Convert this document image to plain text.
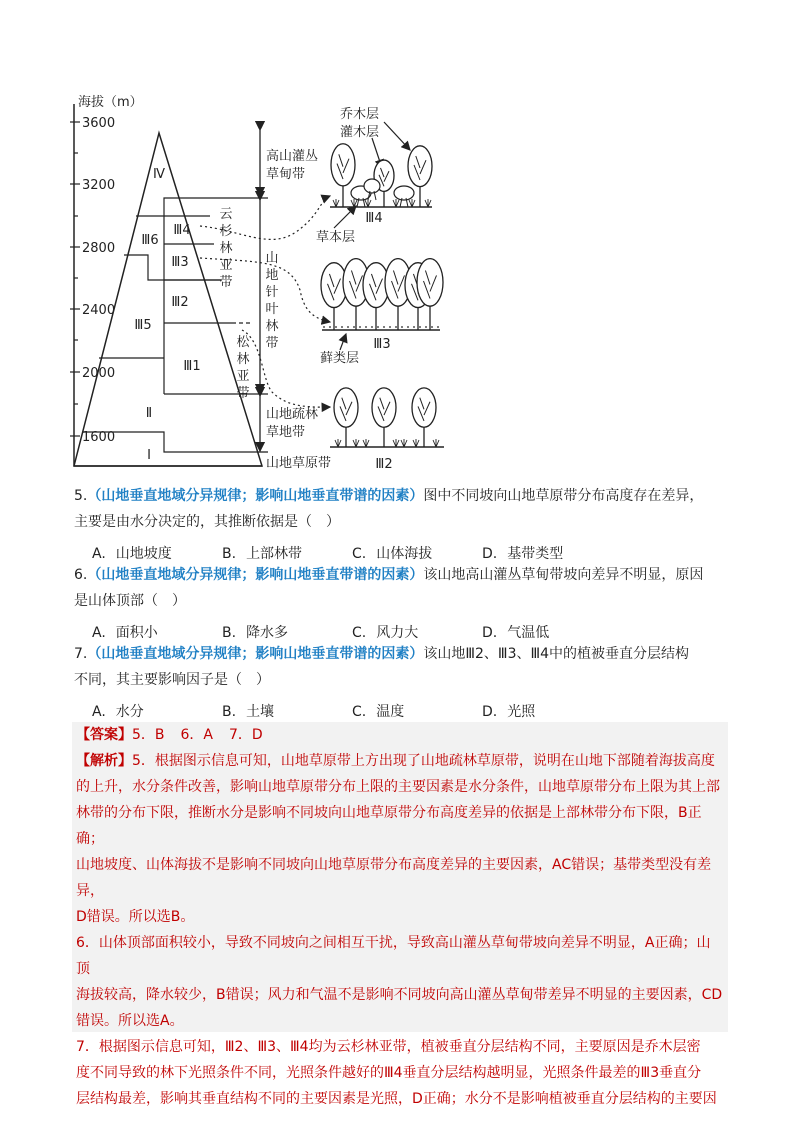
海拔（m）
3600
3200
2800
2400
2000
1600
Ⅳ
Ⅲ6
Ⅲ4
Ⅲ3
Ⅲ5
Ⅲ2
Ⅲ1
Ⅱ
Ⅰ
云
杉
林
亚
带
松
林
亚
带
高山灌丛
草甸带
山
地
针
叶
林
带
山地疏林
草地带
山地草原带
乔木层
灌木层
草本层
藓类层
Ⅲ4
Ⅲ3
Ⅲ2
5.（山地垂直地域分异规律；影响山地垂直带谱的因素）图中不同坡向山地草原带分布高度存在差异，
主要是由水分决定的，其推断依据是（　）
A. 山地坡度	B. 上部林带	C. 山体海拔	D. 基带类型
6.（山地垂直地域分异规律；影响山地垂直带谱的因素）该山地高山灌丛草甸带坡向差异不明显，原因
是山体顶部（　）
A. 面积小	B. 降水多	C. 风力大	D. 气温低
7.（山地垂直地域分异规律；影响山地垂直带谱的因素）该山地Ⅲ2、Ⅲ3、Ⅲ4中的植被垂直分层结构
不同，其主要影响因子是（　）
A. 水分	B. 土壤	C. 温度	D. 光照

【答案】 5．B 6．A 7．D

【解析】5．根据图示信息可知，山地草原带上方出现了山地疏林草原带，说明在山地下部随着海拔高度

的上升，水分条件改善，影响山地草原带分布上限的主要因素是水分条件，山地草原带分布上限为其上部

林带的分布下限，推断水分是影响不同坡向山地草原带分布高度差异的依据是上部林带分布下限，B正确；

山地坡度、山体海拔不是影响不同坡向山地草原带分布高度差异的主要因素，AC错误；基带类型没有差异，

D错误。所以选B。

6．山体顶部面积较小，导致不同坡向之间相互干扰，导致高山灌丛草甸带坡向差异不明显，A正确；山顶

海拔较高，降水较少，B错误；风力和气温不是影响不同坡向高山灌丛草甸带差异不明显的主要因素，CD

错误。所以选A。

7．根据图示信息可知，Ⅲ2、Ⅲ3、Ⅲ4均为云杉林亚带，植被垂直分层结构不同，主要原因是乔木层密

度不同导致的林下光照条件不同，光照条件越好的Ⅲ4垂直分层结构越明显，光照条件最差的Ⅲ3垂直分

层结构最差，影响其垂直结构不同的主要因素是光照，D正确；水分不是影响植被垂直分层结构的主要因
